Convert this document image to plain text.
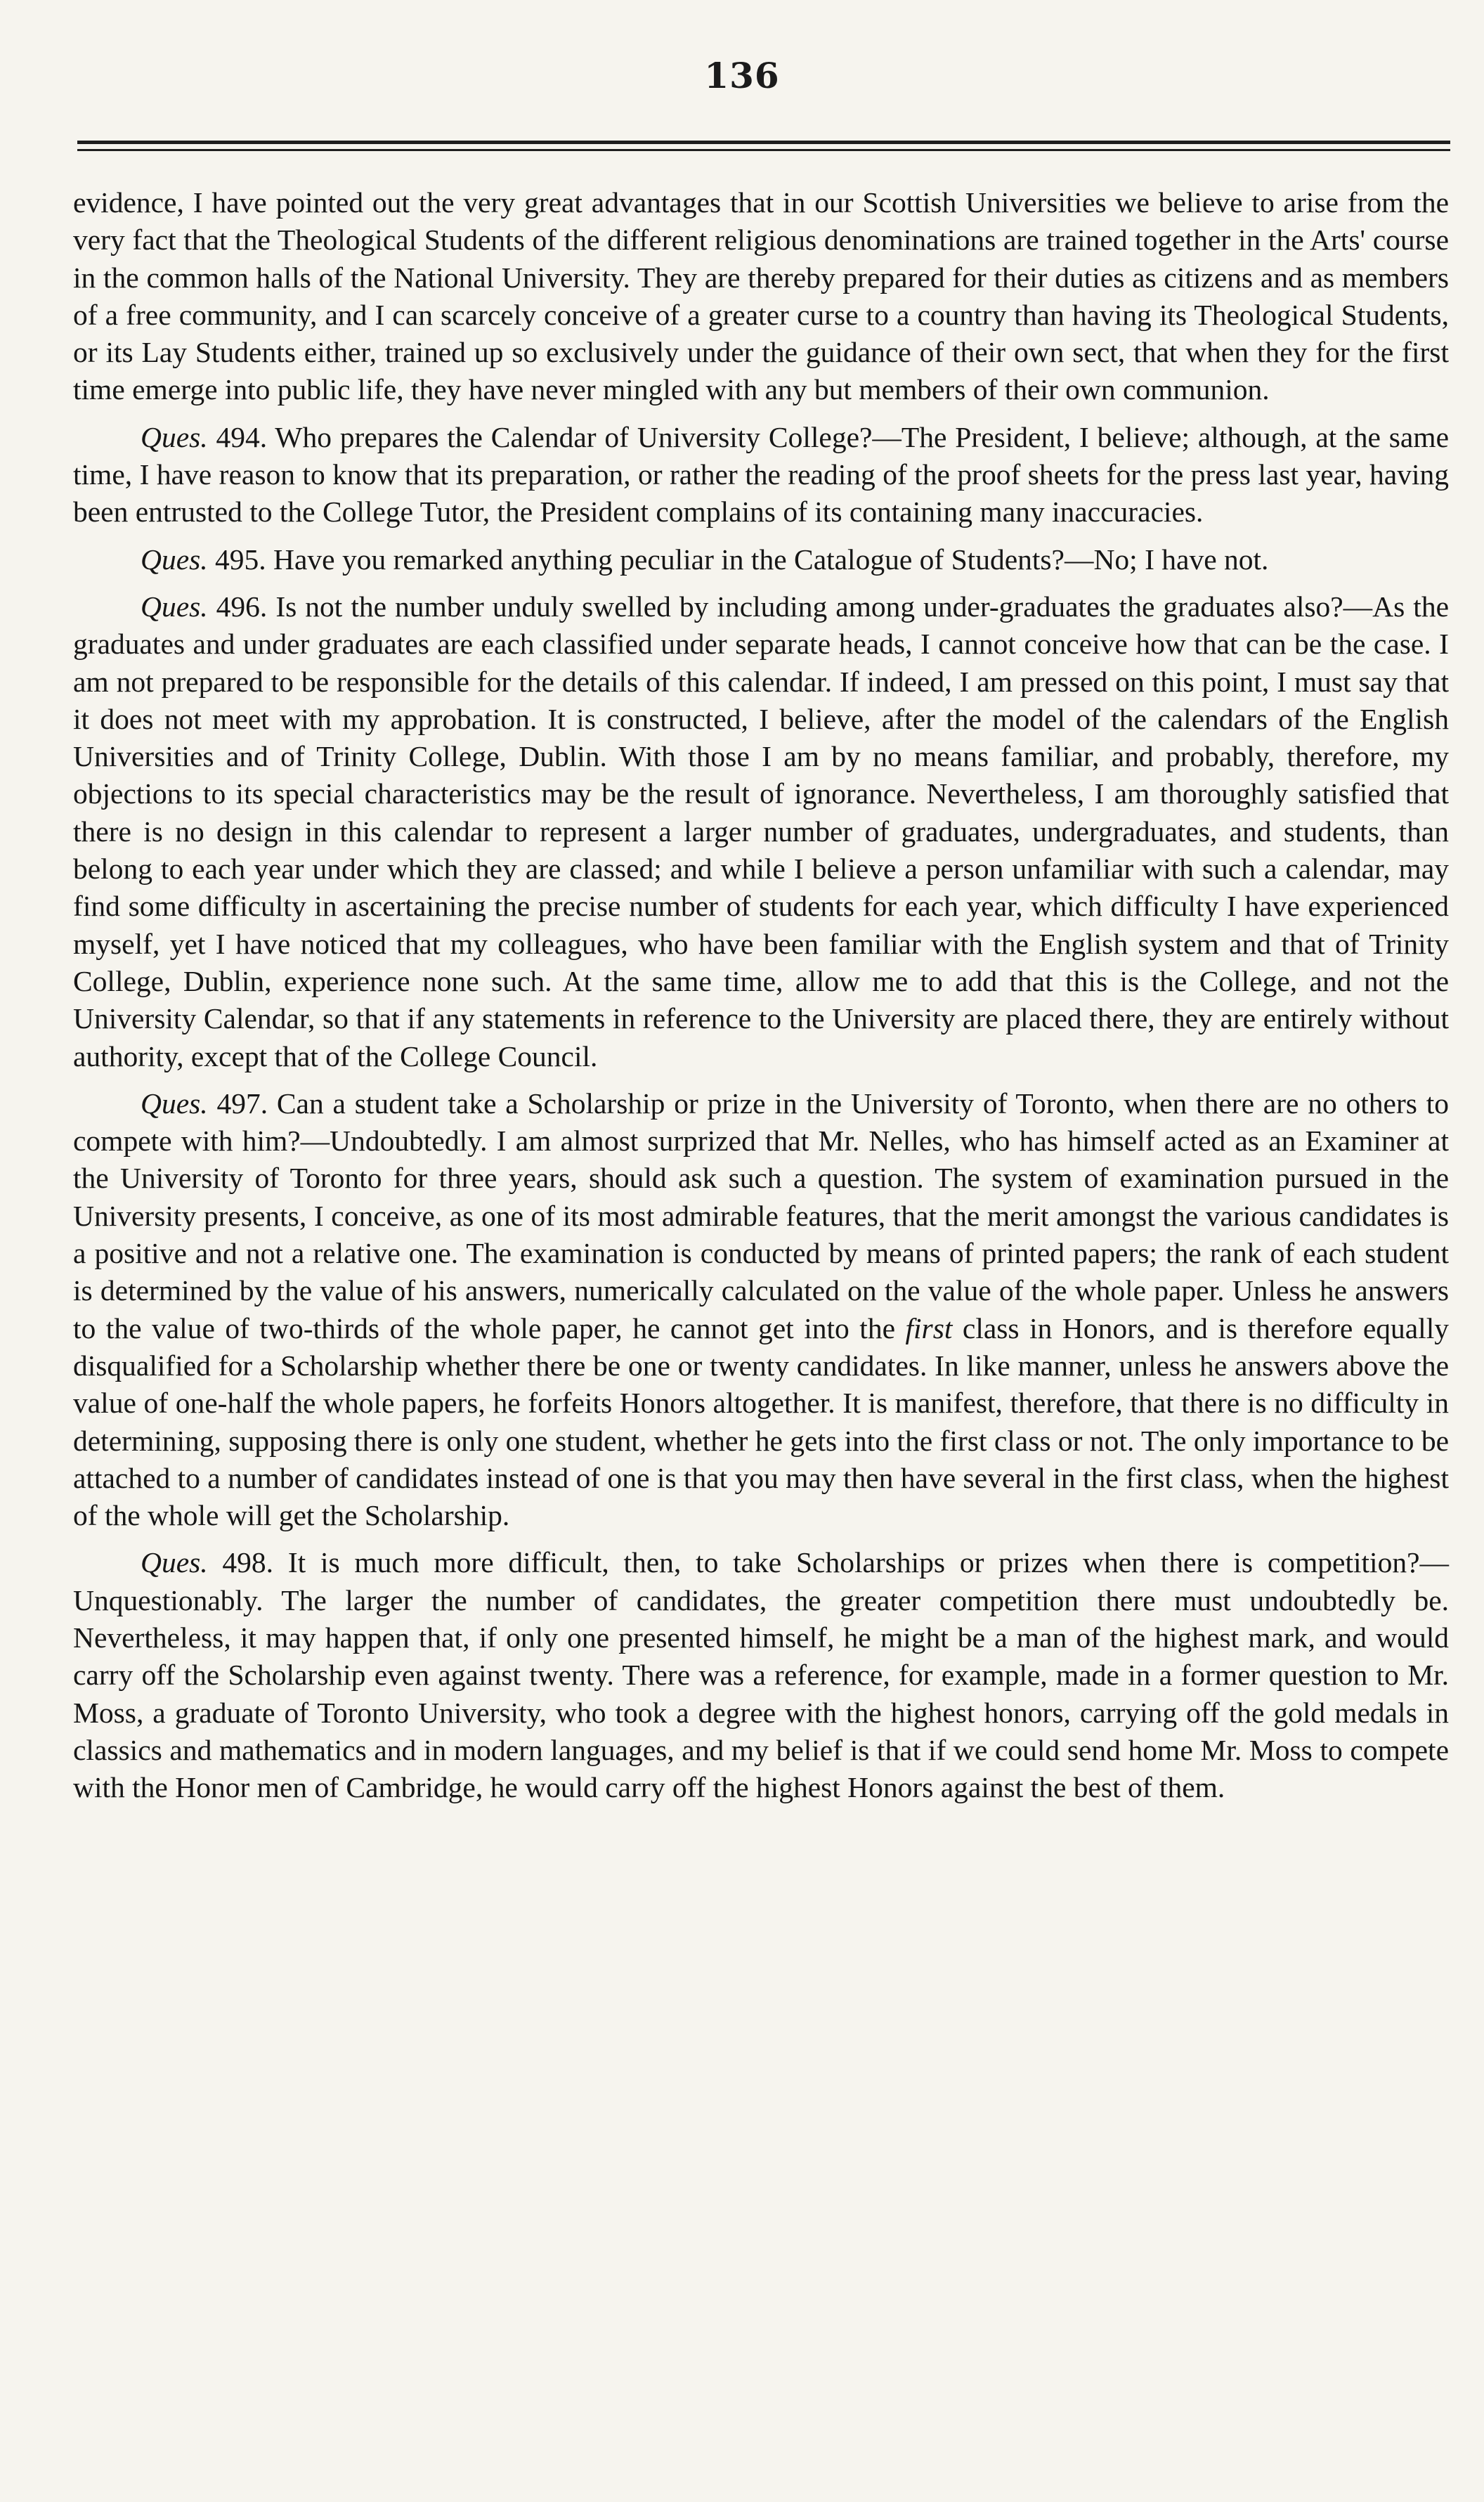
136

evidence, I have pointed out the very great advantages that in our Scottish Universities we believe to arise from the very fact that the Theological Students of the different religious denominations are trained together in the Arts' course in the common halls of the National University. They are thereby prepared for their duties as citizens and as members of a free community, and I can scarcely conceive of a greater curse to a country than having its Theological Students, or its Lay Students either, trained up so exclusively under the guidance of their own sect, that when they for the first time emerge into public life, they have never mingled with any but members of their own communion.

Ques. 494. Who prepares the Calendar of University College?—The President, I believe; although, at the same time, I have reason to know that its preparation, or rather the reading of the proof sheets for the press last year, having been entrusted to the College Tutor, the President complains of its containing many inaccuracies.

Ques. 495. Have you remarked anything peculiar in the Catalogue of Students?—No; I have not.

Ques. 496. Is not the number unduly swelled by including among under-graduates the graduates also?—As the graduates and under graduates are each classified under separate heads, I cannot conceive how that can be the case. I am not prepared to be responsible for the details of this calendar. If indeed, I am pressed on this point, I must say that it does not meet with my approbation. It is constructed, I believe, after the model of the calendars of the English Universities and of Trinity College, Dublin. With those I am by no means familiar, and probably, therefore, my objections to its special characteristics may be the result of ignorance. Nevertheless, I am thoroughly satisfied that there is no design in this calendar to represent a larger number of graduates, undergraduates, and students, than belong to each year under which they are classed; and while I believe a person unfamiliar with such a calendar, may find some difficulty in ascertaining the precise number of students for each year, which difficulty I have experienced myself, yet I have noticed that my colleagues, who have been familiar with the English system and that of Trinity College, Dublin, experience none such. At the same time, allow me to add that this is the College, and not the University Calendar, so that if any statements in reference to the University are placed there, they are entirely without authority, except that of the College Council.

Ques. 497. Can a student take a Scholarship or prize in the University of Toronto, when there are no others to compete with him?—Undoubtedly. I am almost surprized that Mr. Nelles, who has himself acted as an Examiner at the University of Toronto for three years, should ask such a question. The system of examination pursued in the University presents, I conceive, as one of its most admirable features, that the merit amongst the various candidates is a positive and not a relative one. The examination is conducted by means of printed papers; the rank of each student is determined by the value of his answers, numerically calculated on the value of the whole paper. Unless he answers to the value of two-thirds of the whole paper, he cannot get into the first class in Honors, and is therefore equally disqualified for a Scholarship whether there be one or twenty candidates. In like manner, unless he answers above the value of one-half the whole papers, he forfeits Honors altogether. It is manifest, therefore, that there is no difficulty in determining, supposing there is only one student, whether he gets into the first class or not. The only importance to be attached to a number of candidates instead of one is that you may then have several in the first class, when the highest of the whole will get the Scholarship.

Ques. 498. It is much more difficult, then, to take Scholarships or prizes when there is competition?—Unquestionably. The larger the number of candidates, the greater competition there must undoubtedly be. Nevertheless, it may happen that, if only one presented himself, he might be a man of the highest mark, and would carry off the Scholarship even against twenty. There was a reference, for example, made in a former question to Mr. Moss, a graduate of Toronto University, who took a degree with the highest honors, carrying off the gold medals in classics and mathematics and in modern languages, and my belief is that if we could send home Mr. Moss to compete with the Honor men of Cambridge, he would carry off the highest Honors against the best of them.
